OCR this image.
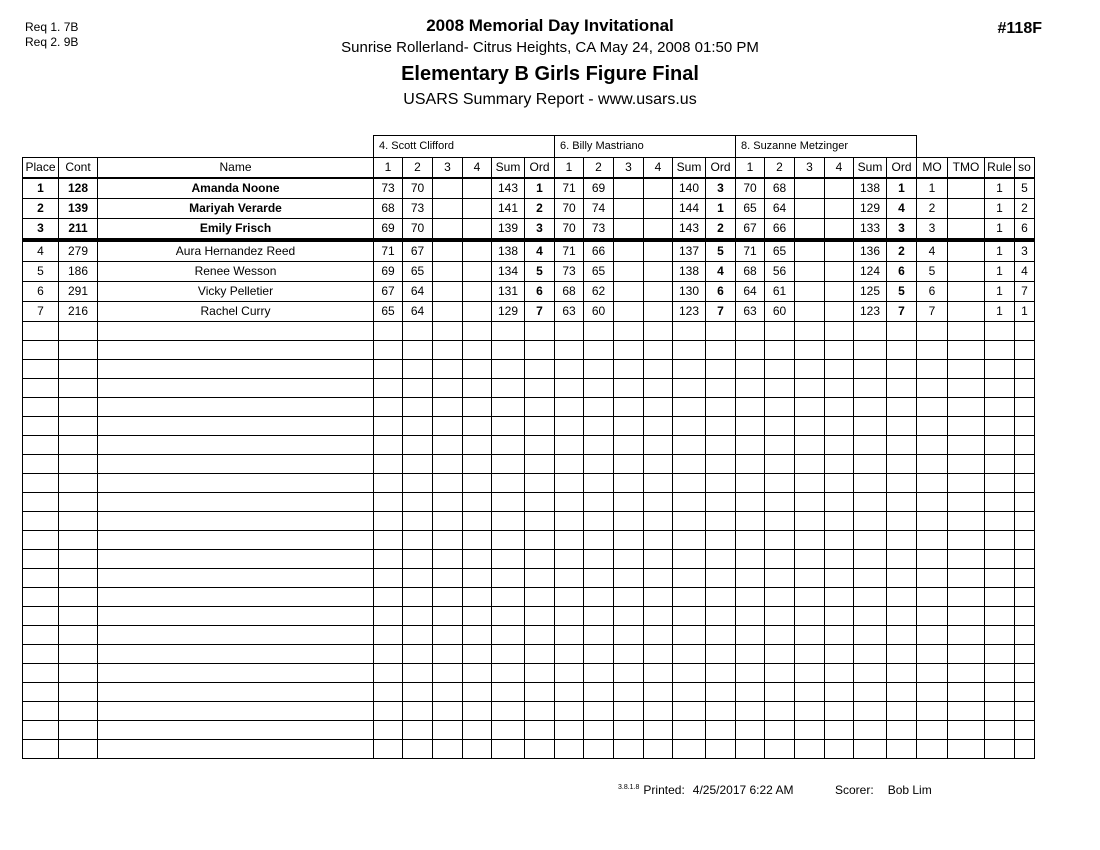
Req 1. 7B
Req 2. 9B
2008 Memorial Day Invitational
Sunrise Rollerland- Citrus Heights, CA May 24, 2008 01:50 PM
Elementary B Girls Figure Final
USARS Summary Report - www.usars.us
#118F
			4. Scott Clifford						6. Billy Mastriano						8. Suzanne Metzinger									
Place	Cont	Name	1	2	3	4	Sum	Ord	1	2	3	4	Sum	Ord	1	2	3	4	Sum	Ord	MO	TMO	Rule	so
1	128	Amanda Noone	73	70			143	1	71	69			140	3	70	68			138	1	1		1	5
2	139	Mariyah Verarde	68	73			141	2	70	74			144	1	65	64			129	4	2		1	2
3	211	Emily Frisch	69	70			139	3	70	73			143	2	67	66			133	3	3		1	6
4	279	Aura Hernandez Reed	71	67			138	4	71	66			137	5	71	65			136	2	4		1	3
5	186	Renee Wesson	69	65			134	5	73	65			138	4	68	56			124	6	5		1	4
6	291	Vicky Pelletier	67	64			131	6	68	62			130	6	64	61			125	5	6		1	7
7	216	Rachel Curry	65	64			129	7	63	60			123	7	63	60			123	7	7		1	1

$^{3.8.1.8}$ Printed: 4/25/2017 6:22 AM	Scorer: Bob Lim
